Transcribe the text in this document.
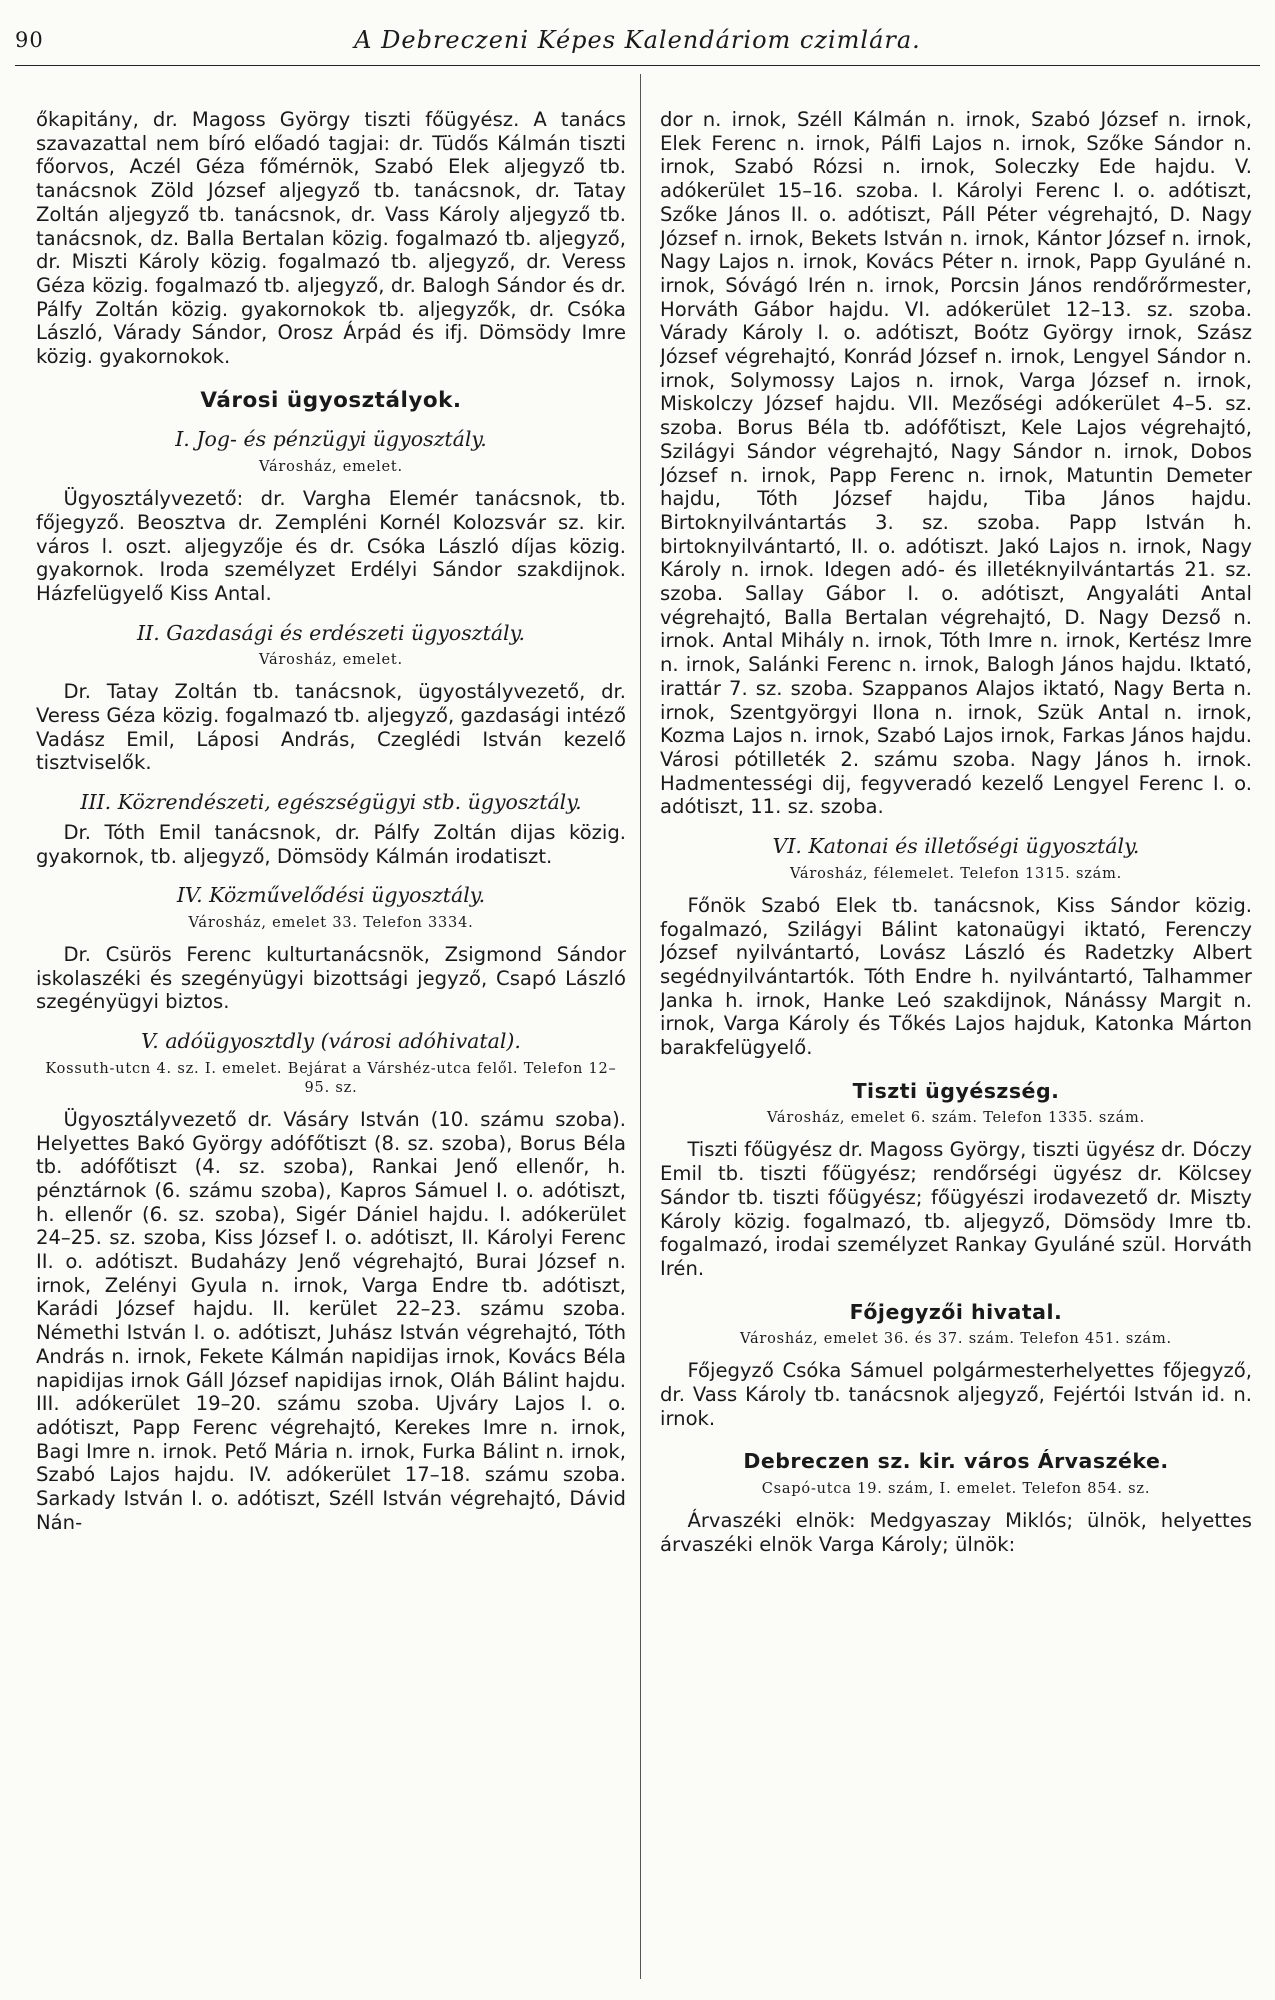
90	A Debreczeni Képes Kalendáriom czimlára.

őkapitány, dr. Magoss György tiszti főügyész. A tanács szavazattal nem bíró előadó tagjai: dr. Tüdős Kálmán tiszti főorvos, Aczél Géza főmérnök, Szabó Elek aljegyző tb. tanácsnok Zöld József aljegyző tb. tanácsnok, dr. Tatay Zoltán aljegyző tb. tanácsnok, dr. Vass Károly aljegyző tb. tanácsnok, dz. Balla Bertalan közig. fogalmazó tb. aljegyző, dr. Miszti Károly közig. fogalmazó tb. aljegyző, dr. Veress Géza közig. fogalmazó tb. aljegyző, dr. Balogh Sándor és dr. Pálfy Zoltán közig. gyakornokok tb. aljegyzők, dr. Csóka László, Várady Sándor, Orosz Árpád és ifj. Dömsödy Imre közig. gyakornokok.

Városi ügyosztályok.
I. Jog- és pénzügyi ügyosztály.
Városház, emelet.

Ügyosztályvezető: dr. Vargha Elemér tanácsnok, tb. főjegyző. Beosztva dr. Zempléni Kornél Kolozsvár sz. kir. város l. oszt. aljegyzője és dr. Csóka László díjas közig. gyakornok. Iroda személyzet Erdélyi Sándor szakdijnok. Házfelügyelő Kiss Antal.

II. Gazdasági és erdészeti ügyosztály.
Városház, emelet.

Dr. Tatay Zoltán tb. tanácsnok, ügyostályvezető, dr. Veress Géza közig. fogalmazó tb. aljegyző, gazdasági intéző Vadász Emil, Láposi András, Czeglédi István kezelő tisztviselők.

III. Közrendészeti, egészségügyi stb. ügyosztály.

Dr. Tóth Emil tanácsnok, dr. Pálfy Zoltán dijas közig. gyakornok, tb. aljegyző, Dömsödy Kálmán irodatiszt.

IV. Közművelődési ügyosztály.
Városház, emelet 33. Telefon 3334.

Dr. Csürös Ferenc kulturtanácsnök, Zsigmond Sándor iskolaszéki és szegényügyi bizottsági jegyző, Csapó László szegényügyi biztos.

V. adóügyosztdly (városi adóhivatal).
Kossuth-utcn 4. sz. I. emelet. Bejárat a Várshéz-utca felől. Telefon 12–95. sz.

Ügyosztályvezető dr. Vásáry István (10. számu szoba). Helyettes Bakó György adófőtiszt (8. sz. szoba), Borus Béla tb. adófőtiszt (4. sz. szoba), Rankai Jenő ellenőr, h. pénztárnok (6. számu szoba), Kapros Sámuel I. o. adótiszt, h. ellenőr (6. sz. szoba), Sigér Dániel hajdu. I. adókerület 24–25. sz. szoba, Kiss József I. o. adótiszt, II. Károlyi Ferenc II. o. adótiszt. Budaházy Jenő végrehajtó, Burai József n. irnok, Zelényi Gyula n. irnok, Varga Endre tb. adótiszt, Karádi József hajdu. II. kerület 22–23. számu szoba. Némethi István I. o. adótiszt, Juhász István végrehajtó, Tóth András n. irnok, Fekete Kálmán napidijas irnok, Kovács Béla napidijas irnok Gáll József napidijas irnok, Oláh Bálint hajdu. III. adókerület 19–20. számu szoba. Ujváry Lajos I. o. adótiszt, Papp Ferenc végrehajtó, Kerekes Imre n. irnok, Bagi Imre n. irnok. Pető Mária n. irnok, Furka Bálint n. irnok, Szabó Lajos hajdu. IV. adókerület 17–18. számu szoba. Sarkady István I. o. adótiszt, Széll István végrehajtó, Dávid Nán-

dor n. irnok, Széll Kálmán n. irnok, Szabó József n. irnok, Elek Ferenc n. irnok, Pálfi Lajos n. irnok, Szőke Sándor n. irnok, Szabó Rózsi n. irnok, Soleczky Ede hajdu. V. adókerület 15–16. szoba. I. Károlyi Ferenc I. o. adótiszt, Szőke János II. o. adótiszt, Páll Péter végrehajtó, D. Nagy József n. irnok, Bekets István n. irnok, Kántor József n. irnok, Nagy Lajos n. irnok, Kovács Péter n. irnok, Papp Gyuláné n. irnok, Sóvágó Irén n. irnok, Porcsin János rendőrőrmester, Horváth Gábor hajdu. VI. adókerület 12–13. sz. szoba. Várady Károly I. o. adótiszt, Boótz György irnok, Szász József végrehajtó, Konrád József n. irnok, Lengyel Sándor n. irnok, Solymossy Lajos n. irnok, Varga József n. irnok, Miskolczy József hajdu. VII. Mezőségi adókerület 4–5. sz. szoba. Borus Béla tb. adófőtiszt, Kele Lajos végrehajtó, Szilágyi Sándor végrehajtó, Nagy Sándor n. irnok, Dobos József n. irnok, Papp Ferenc n. irnok, Matuntin Demeter hajdu, Tóth József hajdu, Tiba János hajdu. Birtoknyilvántartás 3. sz. szoba. Papp István h. birtoknyilvántartó, II. o. adótiszt. Jakó Lajos n. irnok, Nagy Károly n. irnok. Idegen adó- és illetéknyilvántartás 21. sz. szoba. Sallay Gábor I. o. adótiszt, Angyaláti Antal végrehajtó, Balla Bertalan végrehajtó, D. Nagy Dezső n. irnok. Antal Mihály n. irnok, Tóth Imre n. irnok, Kertész Imre n. irnok, Salánki Ferenc n. irnok, Balogh János hajdu. Iktató, irattár 7. sz. szoba. Szappanos Alajos iktató, Nagy Berta n. irnok, Szentgyörgyi Ilona n. irnok, Szük Antal n. irnok, Kozma Lajos n. irnok, Szabó Lajos irnok, Farkas János hajdu. Városi pótilleték 2. számu szoba. Nagy János h. irnok. Hadmentességi dij, fegyveradó kezelő Lengyel Ferenc I. o. adótiszt, 11. sz. szoba.

VI. Katonai és illetőségi ügyosztály.
Városház, félemelet. Telefon 1315. szám.

Főnök Szabó Elek tb. tanácsnok, Kiss Sándor közig. fogalmazó, Szilágyi Bálint katonaügyi iktató, Ferenczy József nyilvántartó, Lovász László és Radetzky Albert segédnyilvántartók. Tóth Endre h. nyilvántartó, Talhammer Janka h. irnok, Hanke Leó szakdijnok, Nánássy Margit n. irnok, Varga Károly és Tőkés Lajos hajduk, Katonka Márton barakfelügyelő.

Tiszti ügyészség.
Városház, emelet 6. szám. Telefon 1335. szám.

Tiszti főügyész dr. Magoss György, tiszti ügyész dr. Dóczy Emil tb. tiszti főügyész; rendőrségi ügyész dr. Kölcsey Sándor tb. tiszti főügyész; főügyészi irodavezető dr. Miszty Károly közig. fogalmazó, tb. aljegyző, Dömsödy Imre tb. fogalmazó, irodai személyzet Rankay Gyuláné szül. Horváth Irén.

Főjegyzői hivatal.
Városház, emelet 36. és 37. szám. Telefon 451. szám.

Főjegyző Csóka Sámuel polgármesterhelyettes főjegyző, dr. Vass Károly tb. tanácsnok aljegyző, Fejértói István id. n. irnok.

Debreczen sz. kir. város Árvaszéke.
Csapó-utca 19. szám, I. emelet. Telefon 854. sz.

Árvaszéki elnök: Medgyaszay Miklós; ülnök, helyettes árvaszéki elnök Varga Károly; ülnök:
